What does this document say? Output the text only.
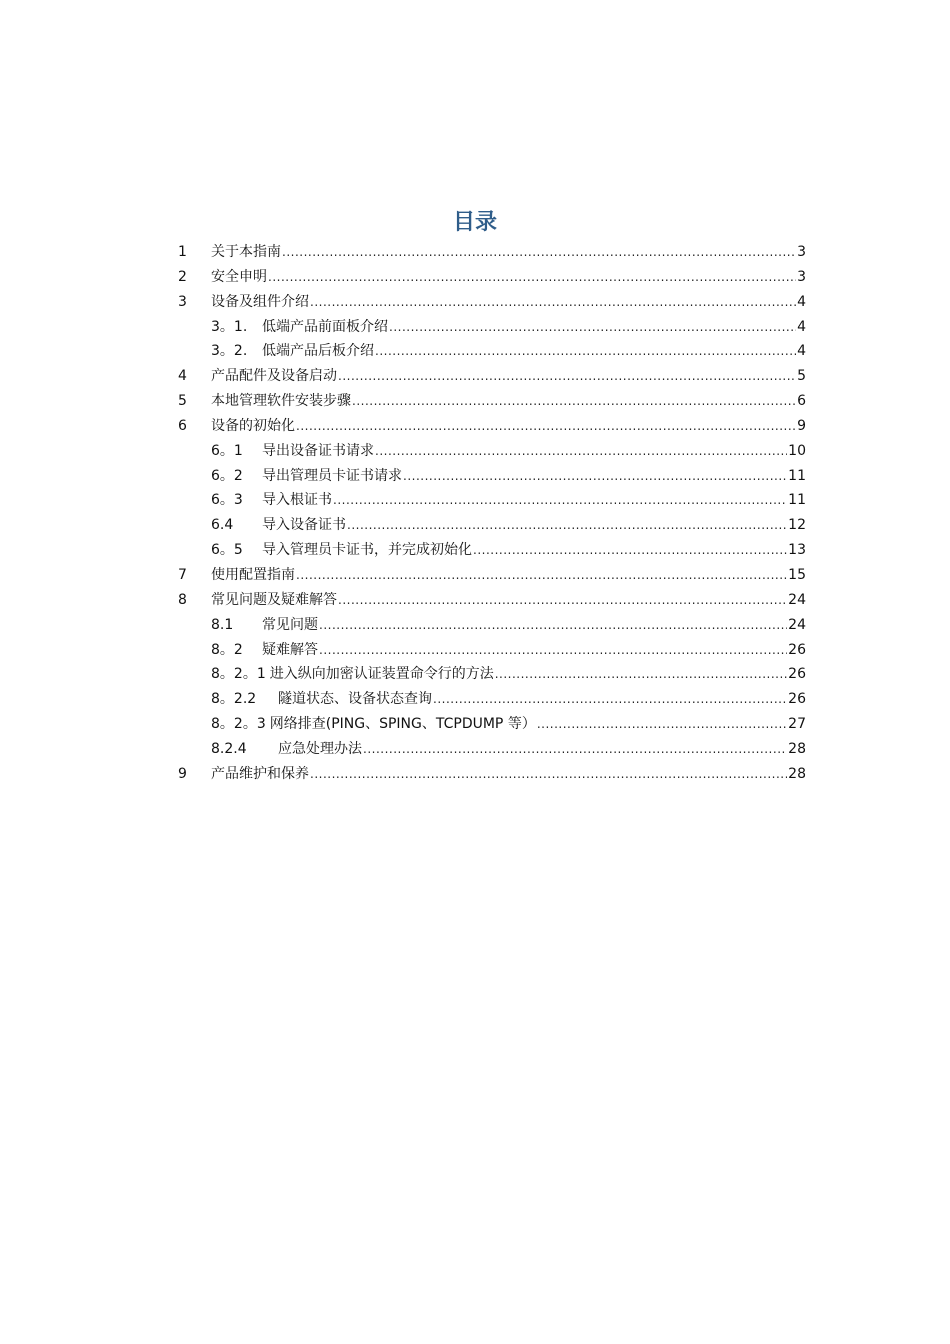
目录
1	关于本指南 .....	3
2	安全申明 .....	3
3	设备及组件介绍 .....	4
3。1.	低端产品前面板介绍 .....	4
3。2.	低端产品后板介绍 .....	4
4	产品配件及设备启动 .....	5
5	本地管理软件安装步骤 .....	6
6	设备的初始化 .....	9
6。1	导出设备证书请求 .....	10
6。2	导出管理员卡证书请求 .....	11
6。3	导入根证书 .....	11
6.4	导入设备证书 .....	12
6。5	导入管理员卡证书，并完成初始化 .....	13
7	使用配置指南 .....	15
8	常见问题及疑难解答 .....	24
8.1	常见问题 .....	24
8。2	疑难解答 .....	26
8。2。1 进入纵向加密认证装置命令行的方法 .....	26
8。2.2	隧道状态、设备状态查询 .....	26
8。2。3 网络排查(PING、SPING、TCPDUMP 等） .....	27
8.2.4	应急处理办法 .....	28
9	产品维护和保养 .....	28
